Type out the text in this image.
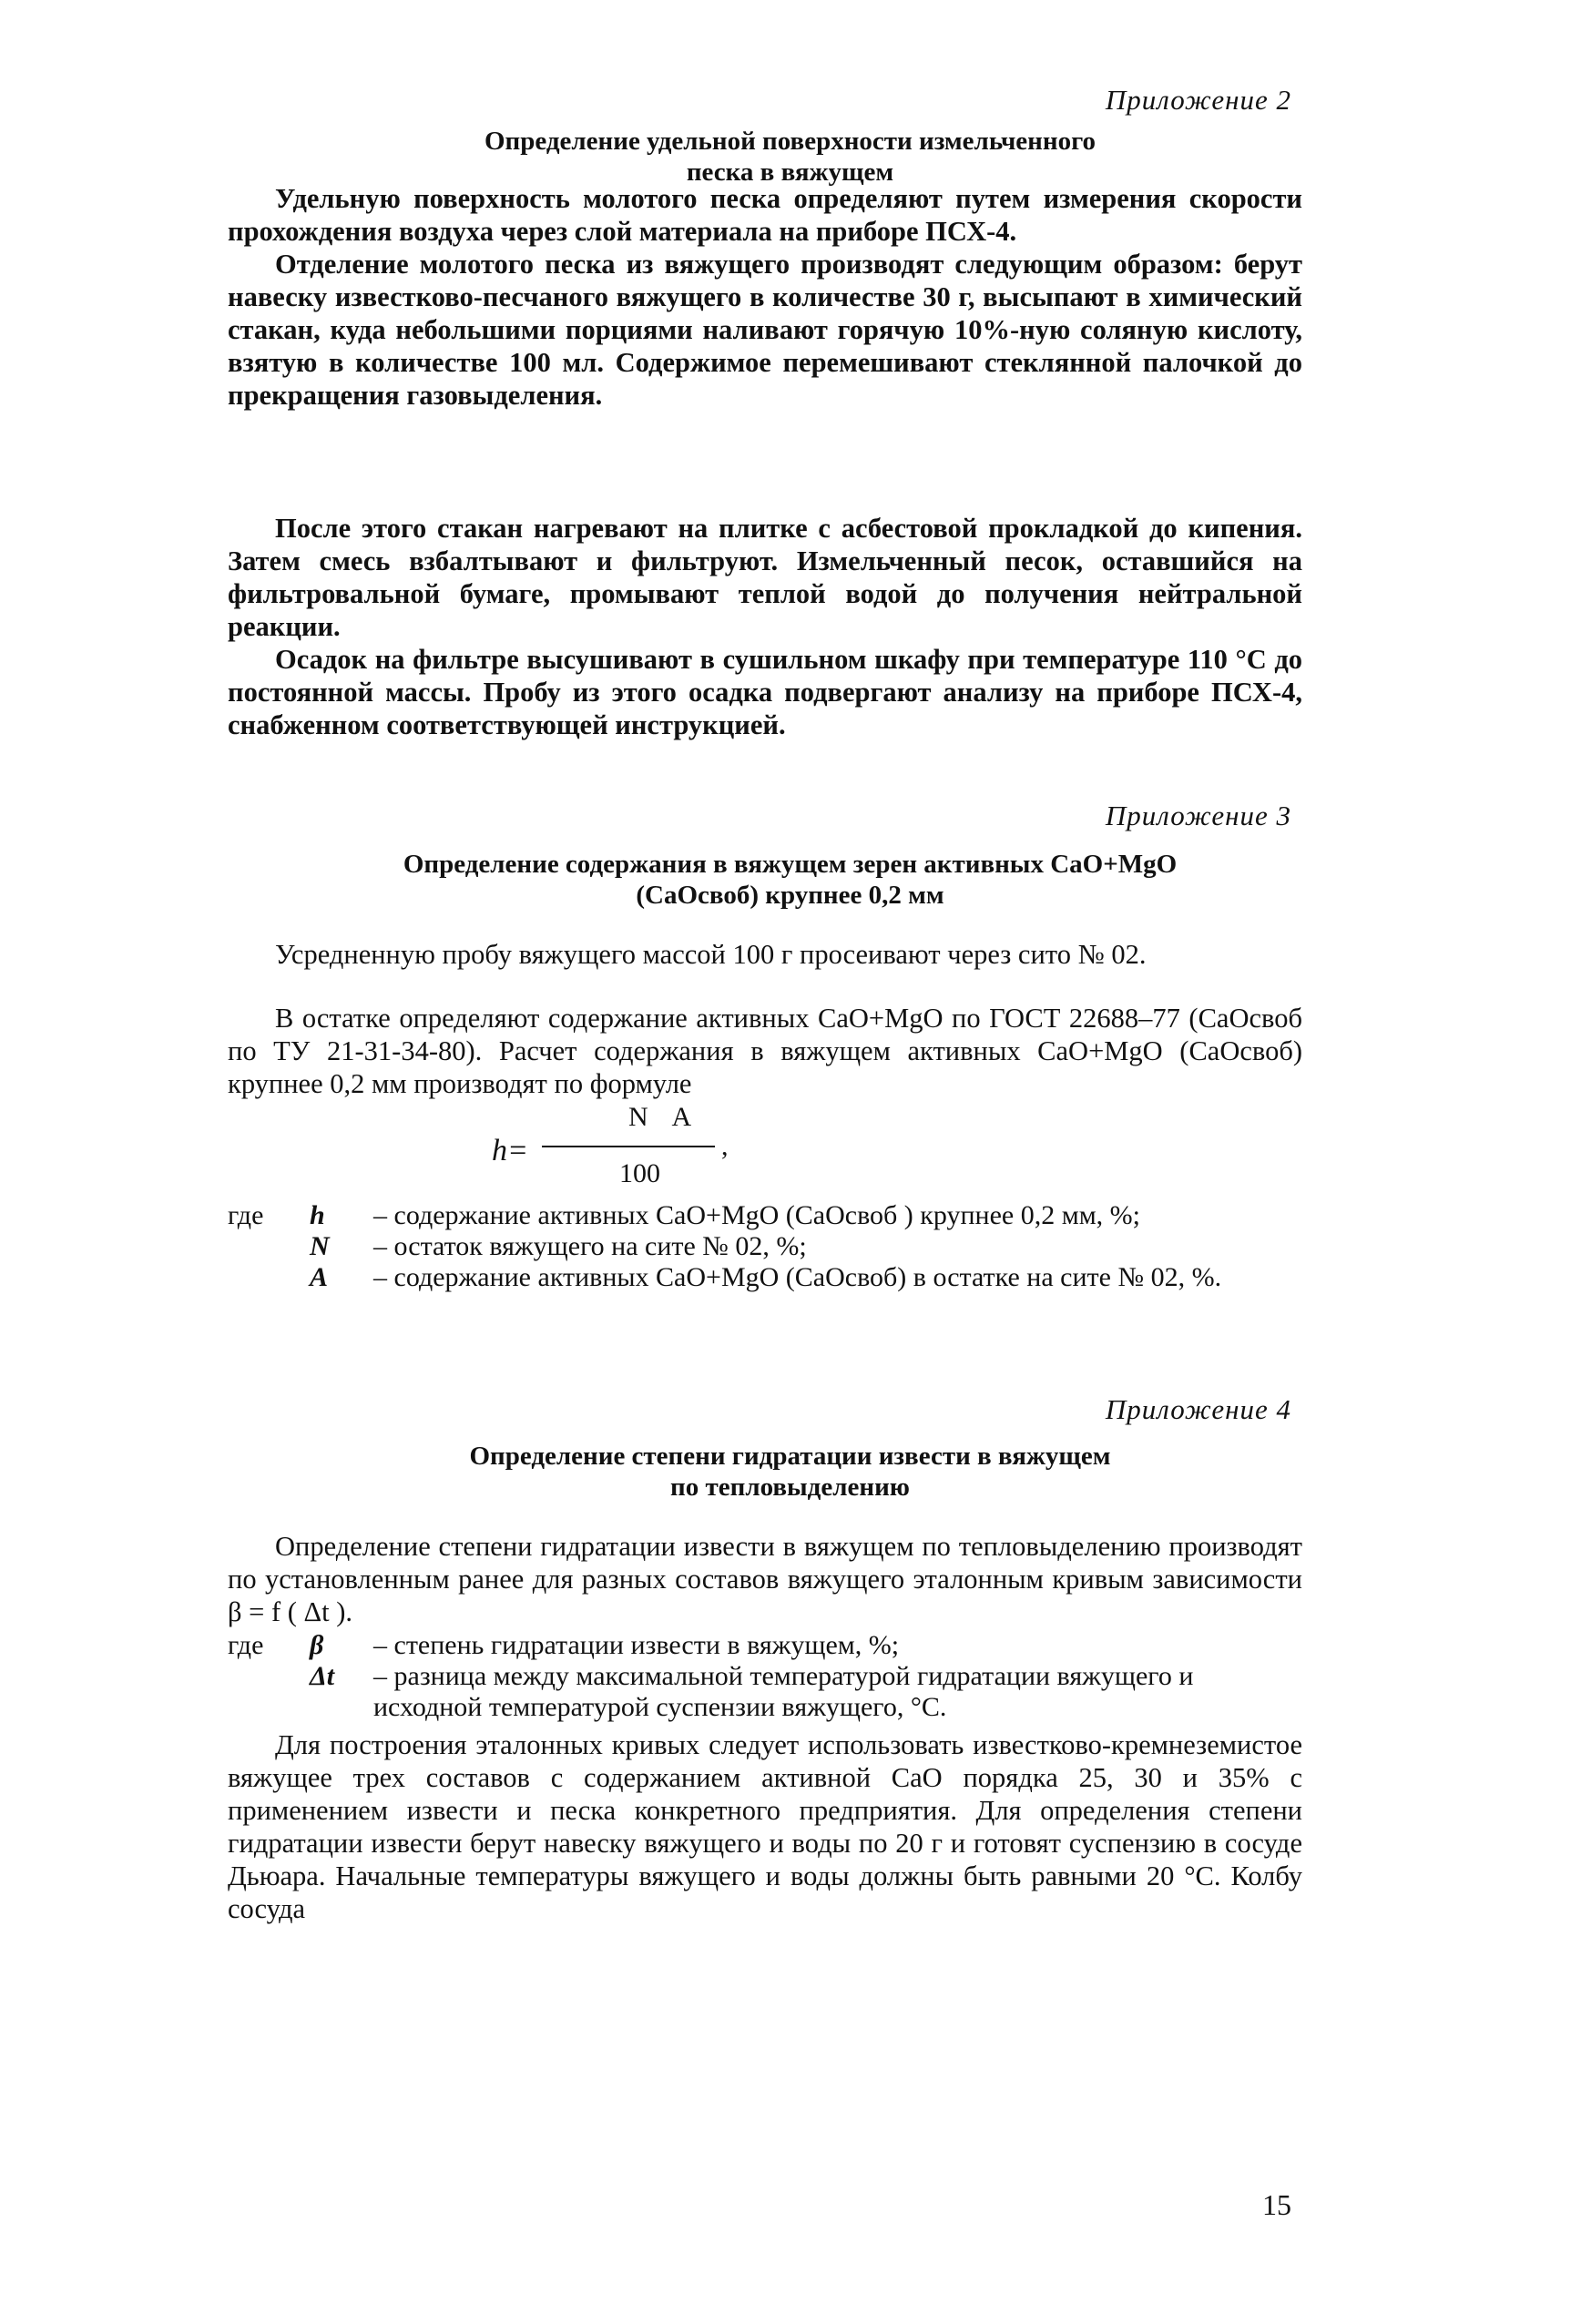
Приложение 2
Определение удельной поверхности измельченного
песка в вяжущем

Удельную поверхность молотого песка определяют путем измерения скорости прохождения воздуха через слой материала на приборе ПСХ-4.

Отделение молотого песка из вяжущего производят следующим образом: берут навеску известково-песчаного вяжущего в количестве 30 г, высыпают в химический стакан, куда небольшими порциями наливают горячую 10%-ную соляную кислоту, взятую в количестве 100 мл. Содержимое перемешивают стеклянной палочкой до прекращения газовыделения.

После этого стакан нагревают на плитке с асбестовой прокладкой до кипения. Затем смесь взбалтывают и фильтруют. Измельченный песок, оставшийся на фильтровальной бумаге, промывают теплой водой до получения нейтральной реакции.

Осадок на фильтре высушивают в сушильном шкафу при температуре 110 °С до постоянной массы. Пробу из этого осадка подвергают анализу на приборе ПСХ-4, снабженном соответствующей инструкцией.

Приложение 3
Определение содержания в вяжущем зерен активных CaO+MgO
(CaOсвоб) крупнее 0,2 мм

Усредненную пробу вяжущего массой 100 г просеивают через сито № 02.

В остатке определяют содержание активных CaO+MgO по ГОСТ 22688–77 (CaOсвоб по ТУ 21-31-34-80). Расчет содержания в вяжущем активных CaO+MgO (CaOсвоб) крупнее 0,2 мм производят по формуле

h=
N A
100
,
где h – содержание активных CaO+MgO (CaOсвоб ) крупнее 0,2 мм, %;
N – остаток вяжущего на сите № 02, %;
A – содержание активных CaO+MgO (CaOсвоб) в остатке на сите № 02, %.
Приложение 4
Определение степени гидратации извести в вяжущем
по тепловыделению

Определение степени гидратации извести в вяжущем по тепловыделению производят по установленным ранее для разных составов вяжущего эталонным кривым зависимости β = f ( Δt ).

где β – степень гидратации извести в вяжущем, %;
Δt – разница между максимальной температурой гидратации вяжущего и исходной температурой суспензии вяжущего, °С.

Для построения эталонных кривых следует использовать известково-кремнеземистое вяжущее трех составов с содержанием активной CaO порядка 25, 30 и 35% с применением извести и песка конкретного предприятия. Для определения степени гидратации извести берут навеску вяжущего и воды по 20 г и готовят суспензию в сосуде Дьюара. Начальные температуры вяжущего и воды должны быть равными 20 °С. Колбу сосуда

15
